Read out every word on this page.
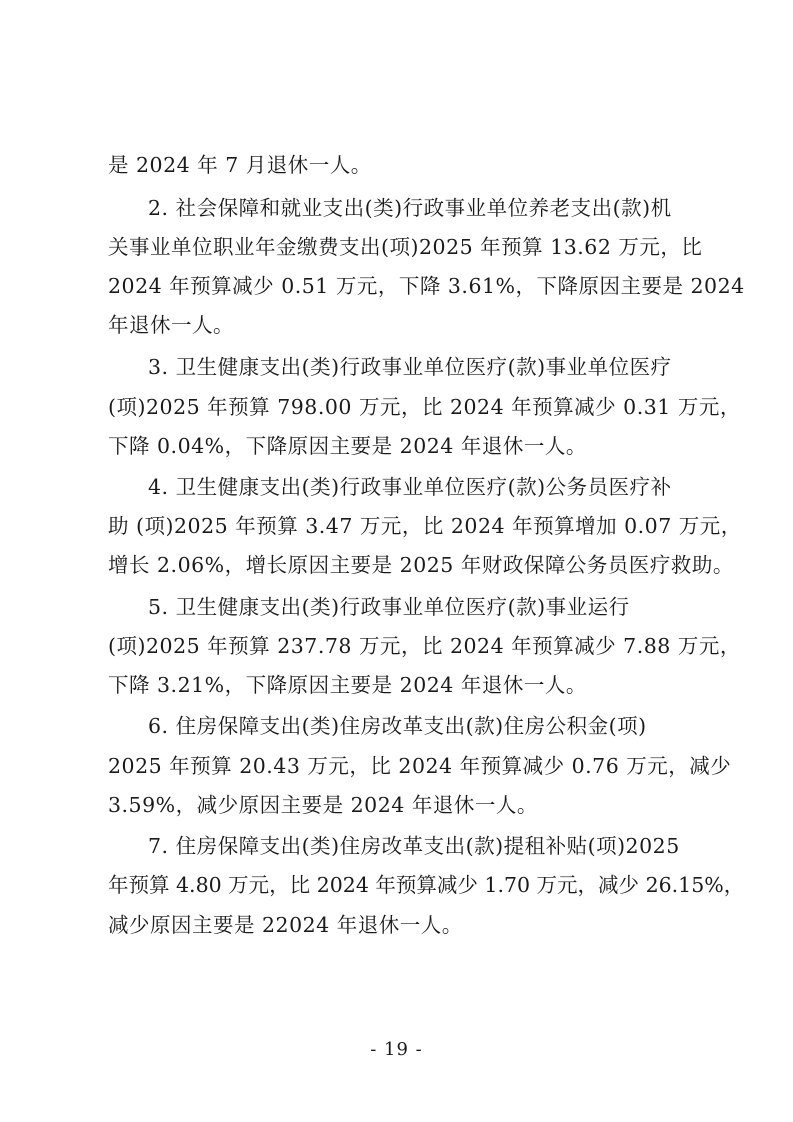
是 2024 年 7 月退休一人。
2. 社会保障和就业支出(类)行政事业单位养老支出(款)机
关事业单位职业年金缴费支出(项)2025 年预算 13.62 万元，比
2024 年预算减少 0.51 万元，下降 3.61%，下降原因主要是 2024
年退休一人。
3. 卫生健康支出(类)行政事业单位医疗(款)事业单位医疗
(项)2025 年预算 798.00 万元，比 2024 年预算减少 0.31 万元，
下降 0.04%，下降原因主要是 2024 年退休一人。
4. 卫生健康支出(类)行政事业单位医疗(款)公务员医疗补
助 (项)2025 年预算 3.47 万元，比 2024 年预算增加 0.07 万元，
增长 2.06%，增长原因主要是 2025 年财政保障公务员医疗救助。
5. 卫生健康支出(类)行政事业单位医疗(款)事业运行
(项)2025 年预算 237.78 万元，比 2024 年预算减少 7.88 万元，
下降 3.21%，下降原因主要是 2024 年退休一人。
6. 住房保障支出(类)住房改革支出(款)住房公积金(项)
2025 年预算 20.43 万元，比 2024 年预算减少 0.76 万元，减少
3.59%，减少原因主要是 2024 年退休一人。
7. 住房保障支出(类)住房改革支出(款)提租补贴(项)2025
年预算 4.80 万元，比 2024 年预算减少 1.70 万元，减少 26.15%，
减少原因主要是 22024 年退休一人。
- 19 -
